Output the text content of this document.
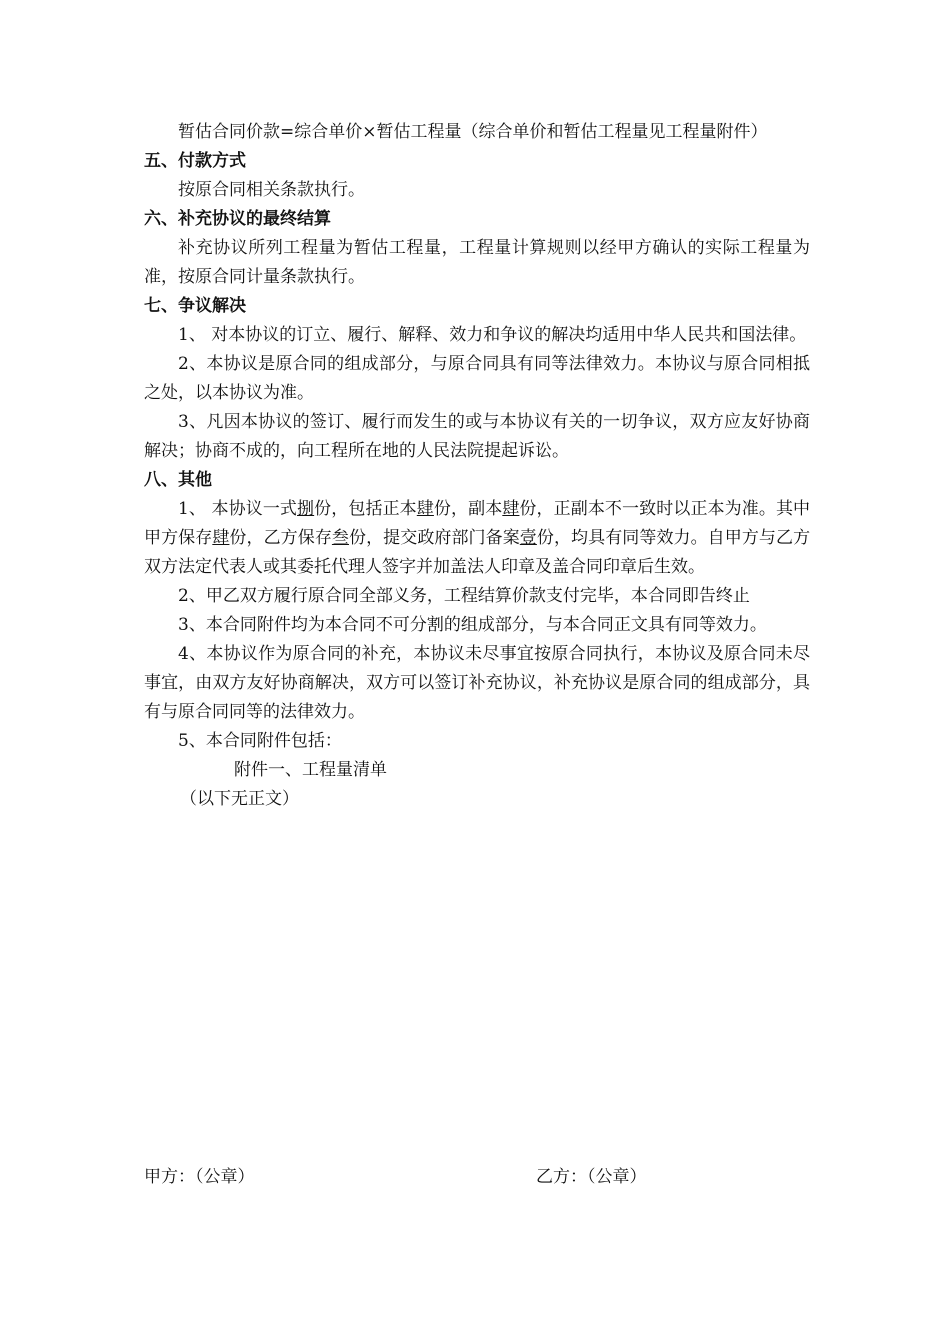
暂估合同价款=综合单价×暂估工程量（综合单价和暂估工程量见工程量附件）

五、付款方式

按原合同相关条款执行。

六、补充协议的最终结算

补充协议所列工程量为暂估工程量，工程量计算规则以经甲方确认的实际工程量为准，按原合同计量条款执行。

七、争议解决

1、 对本协议的订立、履行、解释、效力和争议的解决均适用中华人民共和国法律。

2、本协议是原合同的组成部分，与原合同具有同等法律效力。本协议与原合同相抵之处，以本协议为准。

3、凡因本协议的签订、履行而发生的或与本协议有关的一切争议，双方应友好协商解决；协商不成的，向工程所在地的人民法院提起诉讼。

八、其他

1、 本协议一式捌份，包括正本肆份，副本肆份，正副本不一致时以正本为准。其中甲方保存肆份，乙方保存叁份，提交政府部门备案壹份，均具有同等效力。自甲方与乙方双方法定代表人或其委托代理人签字并加盖法人印章及盖合同印章后生效。

2、甲乙双方履行原合同全部义务，工程结算价款支付完毕，本合同即告终止

3、本合同附件均为本合同不可分割的组成部分，与本合同正文具有同等效力。

4、本协议作为原合同的补充，本协议未尽事宜按原合同执行，本协议及原合同未尽事宜，由双方友好协商解决，双方可以签订补充协议，补充协议是原合同的组成部分，具有与原合同同等的法律效力。

5、本合同附件包括：

附件一、工程量清单

（以下无正文）

甲方：（公章）	乙方：（公章）
